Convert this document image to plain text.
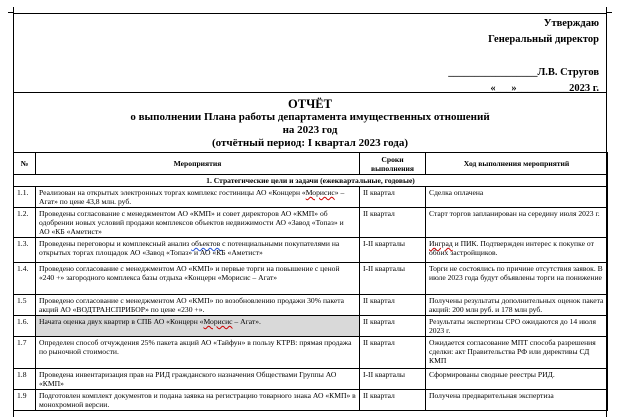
Утверждаю
Генеральный директор
_________________Л.В. Стругов
«___»__________2023 г.
ОТЧЁТ
о выполнении Плана работы департамента имущественных отношений
на 2023 год
(отчётный период: I квартал 2023 года)
№	Мероприятия	Сроки выполнения	Ход выполнения мероприятий
1. Стратегические цели и задачи (ежеквартальные, годовые)			
1.1.	Реализован на открытых электронных торгах комплекс гостиницы АО «Концерн «Морисис» – Агат» по цене 43,8 млн. руб.	II квартал	Сделка оплачена
1.2.	Проведены согласование с менеджментом АО «КМП» и совет директоров АО «КМП» об одобрении новых условий продажи комплексов объектов недвижимости АО «Завод «Топаз» и АО «КБ «Аметист»	II квартал	Старт торгов запланирован на середину июля 2023 г.
1.3.	Проведены переговоры и комплексный анализ объектов с потенциальными покупателями на открытых торгах площадок АО «Завод «Топаз» и АО «КБ «Аметист»	I-II кварталы	Инград и ПИК. Подтвержден интерес к покупке от обоих застройщиков.
1.4.	Проведено согласование с менеджментом АО «КМП» и первые торги на повышение с ценой «240 +» загородного комплекса базы отдыха «Концерн «Морисис – Агат»	I-II кварталы	Торги не состоялись по причине отсутствия заявок. В июле 2023 года будут объявлены торги на понижение
1.5	Проведено согласование с менеджментом АО «КМП» по возобновлению продажи 30% пакета акций АО «ВОДТРАНСПРИБОР» по цене «230 +».	II квартал	Получены результаты дополнительных оценок пакета акций: 200 млн руб. и 178 млн руб.
1.6.	Начата оценка двух квартир в СПБ АО «Концерн «Морисис – Агат».	II квартал	Результаты экспертизы СРО ожидаются до 14 июля 2023 г.
1.7	Определен способ отчуждения 25% пакета акций АО «Тайфун» в пользу КТРВ: прямая продажа по рыночной стоимости.	II квартал	Ожидается согласование МПТ способа разрешения сделки: акт Правительства РФ или директивы СД КМП
1.8	Проведена инвентаризация прав на РИД гражданского назначения Обществами Группы АО «КМП»	I-II кварталы	Сформированы сводные реестры РИД.
1.9	Подготовлен комплект документов и подана заявка на регистрацию товарного знака АО «КМП» в монохромной версии.	II квартал	Получена предварительная экспертиза
